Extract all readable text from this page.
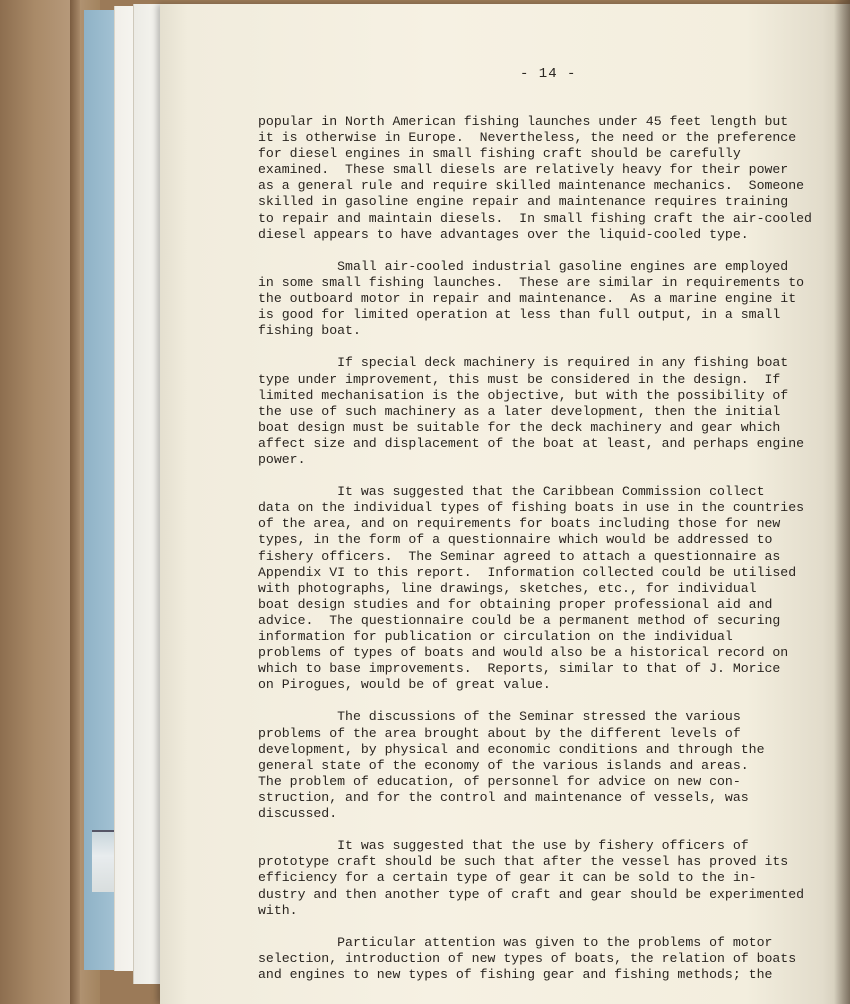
- 14 -
popular in North American fishing launches under 45 feet length but
it is otherwise in Europe.  Nevertheless, the need or the preference
for diesel engines in small fishing craft should be carefully
examined.  These small diesels are relatively heavy for their power
as a general rule and require skilled maintenance mechanics.  Someone
skilled in gasoline engine repair and maintenance requires training
to repair and maintain diesels.  In small fishing craft the air-cooled
diesel appears to have advantages over the liquid-cooled type.
Small air-cooled industrial gasoline engines are employed
in some small fishing launches.  These are similar in requirements to
the outboard motor in repair and maintenance.  As a marine engine it
is good for limited operation at less than full output, in a small
fishing boat.
If special deck machinery is required in any fishing boat
type under improvement, this must be considered in the design.  If
limited mechanisation is the objective, but with the possibility of
the use of such machinery as a later development, then the initial
boat design must be suitable for the deck machinery and gear which
affect size and displacement of the boat at least, and perhaps engine
power.
It was suggested that the Caribbean Commission collect
data on the individual types of fishing boats in use in the countries
of the area, and on requirements for boats including those for new
types, in the form of a questionnaire which would be addressed to
fishery officers.  The Seminar agreed to attach a questionnaire as
Appendix VI to this report.  Information collected could be utilised
with photographs, line drawings, sketches, etc., for individual
boat design studies and for obtaining proper professional aid and
advice.  The questionnaire could be a permanent method of securing
information for publication or circulation on the individual
problems of types of boats and would also be a historical record on
which to base improvements.  Reports, similar to that of J. Morice
on Pirogues, would be of great value.
The discussions of the Seminar stressed the various
problems of the area brought about by the different levels of
development, by physical and economic conditions and through the
general state of the economy of the various islands and areas.
The problem of education, of personnel for advice on new con-
struction, and for the control and maintenance of vessels, was
discussed.
It was suggested that the use by fishery officers of
prototype craft should be such that after the vessel has proved its
efficiency for a certain type of gear it can be sold to the in-
dustry and then another type of craft and gear should be experimented
with.
Particular attention was given to the problems of motor
selection, introduction of new types of boats, the relation of boats
and engines to new types of fishing gear and fishing methods; the
